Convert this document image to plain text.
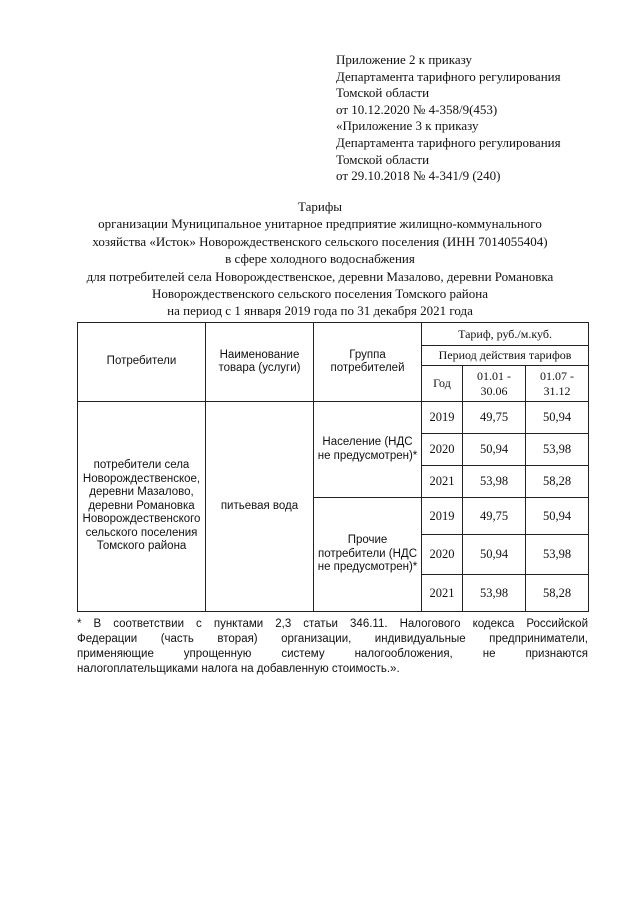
Приложение 2 к приказу
Департамента тарифного регулирования
Томской области
от 10.12.2020 № 4-358/9(453)
«Приложение 3 к приказу
Департамента тарифного регулирования
Томской области
от 29.10.2018 № 4-341/9 (240)
Тарифы
организации Муниципальное унитарное предприятие жилищно-коммунального
хозяйства «Исток» Новорождественского сельского поселения (ИНН 7014055404)
в сфере холодного водоснабжения
для потребителей села Новорождественское, деревни Мазалово, деревни Романовка
Новорождественского сельского поселения Томского района
на период с 1 января 2019 года по 31 декабря 2021 года
Потребители	Наименование товара (услуги)	Группа потребителей	Тариф, руб./м.куб.		
			Период действия тарифов		
			Год	01.01 - 30.06	01.07 - 31.12
потребители села Новорождественское, деревни Мазалово, деревни Романовка Новорождественского сельского поселения Томского района	питьевая вода	Население (НДС не предусмотрен)*	2019	49,75	50,94
			2020	50,94	53,98
			2021	53,98	58,28
		Прочие потребители (НДС не предусмотрен)*	2019	49,75	50,94
			2020	50,94	53,98
			2021	53,98	58,28
* В соответствии с пунктами 2,3 статьи 346.11. Налогового кодекса Российской
Федерации (часть вторая) организации, индивидуальные предприниматели,
применяющие упрощенную систему налогообложения, не признаются
налогоплательщиками налога на добавленную стоимость.».
